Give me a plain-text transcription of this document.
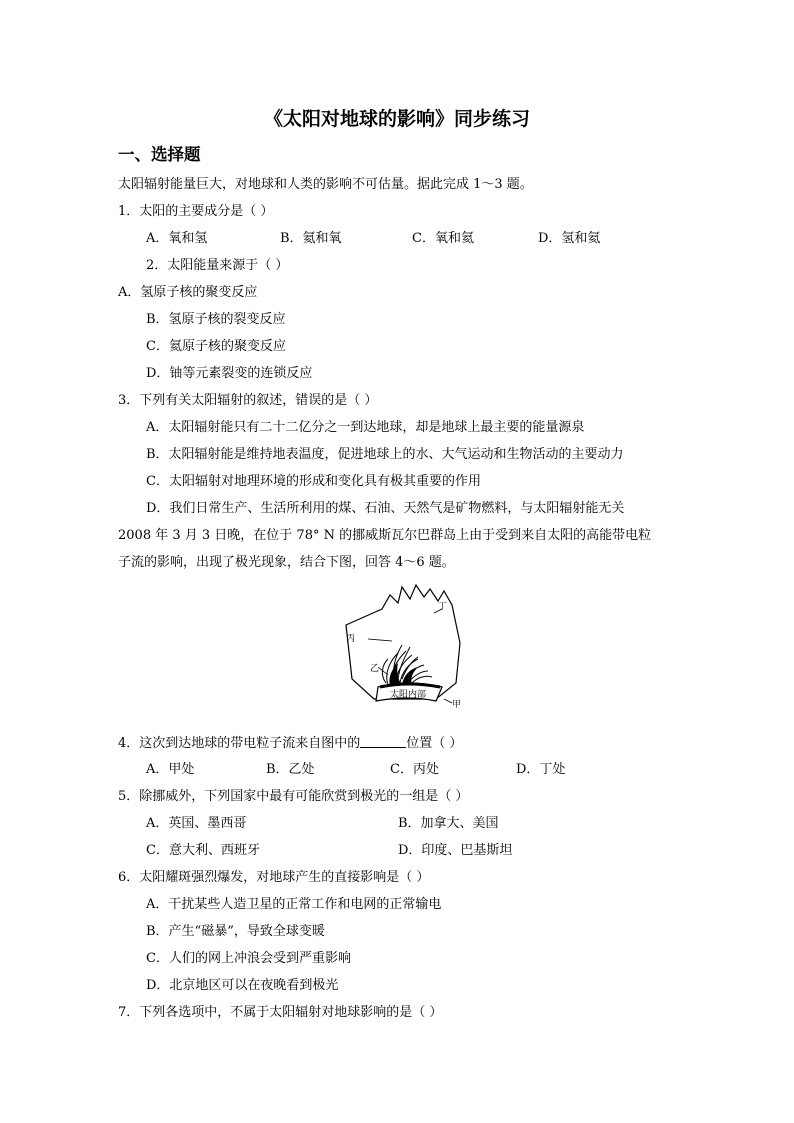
《太阳对地球的影响》同步练习
一、选择题
太阳辐射能量巨大，对地球和人类的影响不可估量。据此完成 1～3 题。
1．太阳的主要成分是（ ）
A．氧和氢	B．氦和氧	C．氧和氦	D．氢和氦
2．太阳能量来源于（ ）
A．氢原子核的聚变反应
B．氢原子核的裂变反应
C．氦原子核的聚变反应
D．铀等元素裂变的连锁反应
3．下列有关太阳辐射的叙述，错误的是（ ）
A．太阳辐射能只有二十二亿分之一到达地球，却是地球上最主要的能量源泉
B．太阳辐射能是维持地表温度，促进地球上的水、大气运动和生物活动的主要动力
C．太阳辐射对地理环境的形成和变化具有极其重要的作用
D．我们日常生产、生活所利用的煤、石油、天然气是矿物燃料，与太阳辐射能无关
2008 年 3 月 3 日晚，在位于 78° N 的挪威斯瓦尔巴群岛上由于受到来自太阳的高能带电粒
子流的影响，出现了极光现象，结合下图，回答 4～6 题。
丁
丙
乙
甲
太阳内部
4．这次到达地球的带电粒子流来自图中的	位置（ ）
A．甲处	B．乙处	C．丙处	D．丁处
5．除挪威外，下列国家中最有可能欣赏到极光的一组是（ ）
A．英国、墨西哥	B．加拿大、美国
C．意大利、西班牙	D．印度、巴基斯坦
6．太阳耀斑强烈爆发，对地球产生的直接影响是（ ）
A．干扰某些人造卫星的正常工作和电网的正常输电
B．产生“磁暴”，导致全球变暖
C．人们的网上冲浪会受到严重影响
D．北京地区可以在夜晚看到极光
7．下列各选项中，不属于太阳辐射对地球影响的是（ ）
